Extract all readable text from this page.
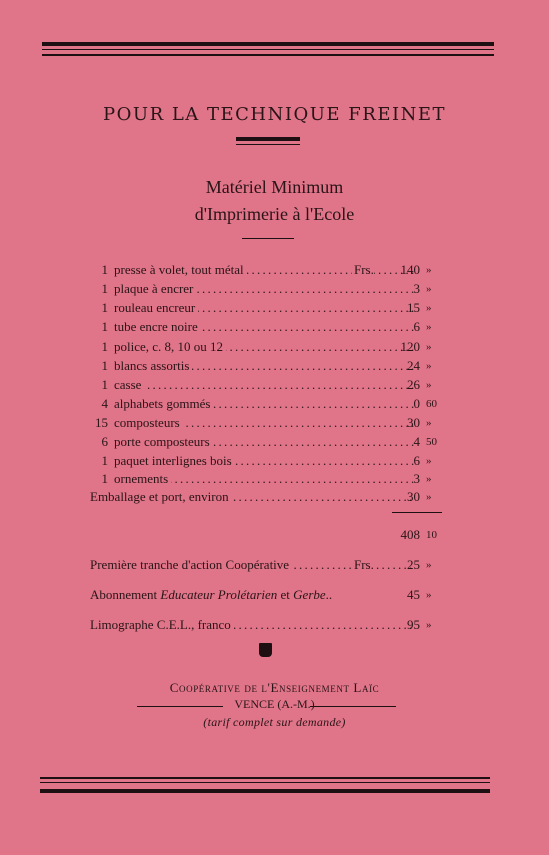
POUR LA TECHNIQUE FREINET
Matériel Minimum
d'Imprimerie à l'Ecole
1 presse à volet, tout métal . . .	Frs.	140 »
1 plaque à encrer . . .	3 »
1 rouleau encreur . . .	15 »
1 tube encre noire . . .	6 »
1 police, c. 8, 10 ou 12 . . .	120 »
1 blancs assortis . . .	24 »
1 casse . . .	26 »
4 alphabets gommés . . .	0 60
15 composteurs . . .	30 »
6 porte composteurs . . .	4 50
1 paquet interlignes bois . . .	6 »
1 ornements . . .	3 »
Emballage et port, environ . . .	30 »
408 10
Première tranche d'action Coopérative . . .	Frs.	25 »
Abonnement Educateur Prolétarien et Gerbe..	45 »
Limographe C.E.L., franco . . .	95 »
Coopérative de l'Enseignement Laïc
VENCE (A.-M.)
(tarif complet sur demande)
